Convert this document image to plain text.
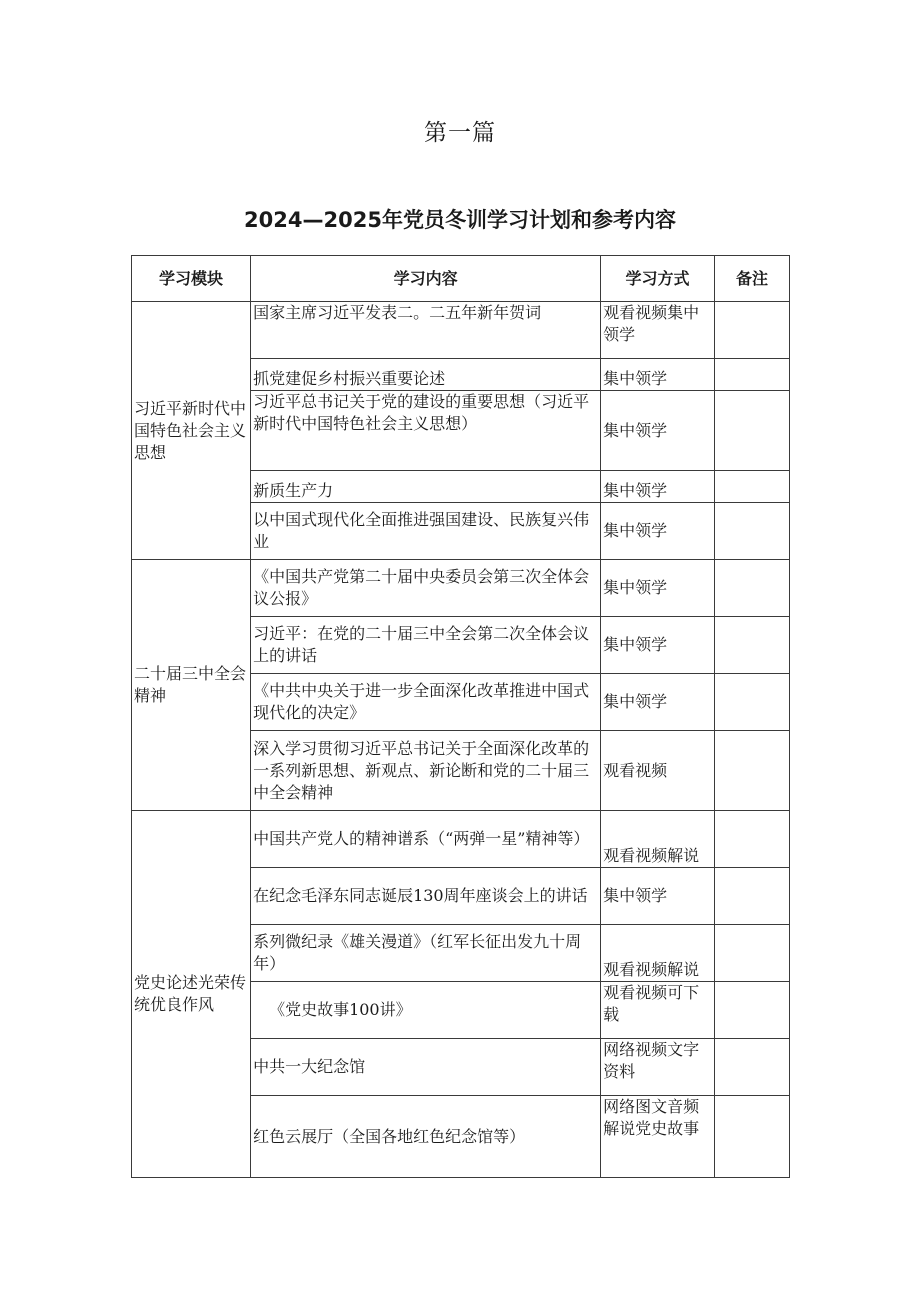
第一篇
2024—2025年党员冬训学习计划和参考内容
学习模块	学习内容	学习方式	备注
习近平新时代中国特色社会主义思想	国家主席习近平发表二。二五年新年贺词	观看视频集中领学	
	抓党建促乡村振兴重要论述	集中领学	
	习近平总书记关于党的建设的重要思想（习近平新时代中国特色社会主义思想）	集中领学	
	新质生产力	集中领学	
	以中国式现代化全面推进强国建设、民族复兴伟业	集中领学	
二十届三中全会精神	《中国共产党第二十届中央委员会第三次全体会议公报》	集中领学	
	习近平：在党的二十届三中全会第二次全体会议上的讲话	集中领学	
	《中共中央关于进一步全面深化改革推进中国式现代化的决定》	集中领学	
	深入学习贯彻习近平总书记关于全面深化改革的一系列新思想、新观点、新论断和党的二十届三中全会精神	观看视频	
党史论述光荣传统优良作风	中国共产党人的精神谱系（“两弹一星”精神等）	观看视频解说	
	在纪念毛泽东同志诞辰130周年座谈会上的讲话	集中领学	
	系列微纪录《雄关漫道》（红军长征出发九十周年）	观看视频解说	
	《党史故事100讲》	观看视频可下载	
	中共一大纪念馆	网络视频文字资料	
	红色云展厅（全国各地红色纪念馆等）	网络图文音频解说党史故事	
